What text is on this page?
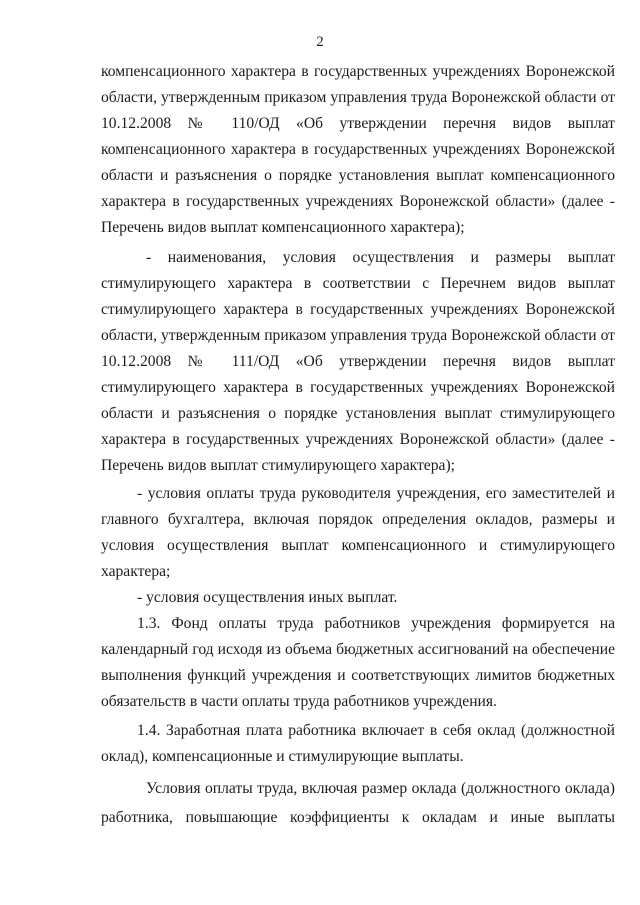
2
компенсационного характера в государственных учреждениях Воронежской
области, утвержденным приказом управления труда Воронежской области от
10.12.2008 № 110/ОД «Об утверждении перечня видов выплат
компенсационного характера в государственных учреждениях Воронежской
области и разъяснения о порядке установления выплат компенсационного
характера в государственных учреждениях Воронежской области» (далее -
Перечень видов выплат компенсационного характера);
- наименования, условия осуществления и размеры выплат
стимулирующего характера в соответствии с Перечнем видов выплат
стимулирующего характера в государственных учреждениях Воронежской
области, утвержденным приказом управления труда Воронежской области от
10.12.2008 № 111/ОД «Об утверждении перечня видов выплат
стимулирующего характера в государственных учреждениях Воронежской
области и разъяснения о порядке установления выплат стимулирующего
характера в государственных учреждениях Воронежской области» (далее -
Перечень видов выплат стимулирующего характера);
- условия оплаты труда руководителя учреждения, его заместителей и
главного бухгалтера, включая порядок определения окладов, размеры и
условия осуществления выплат компенсационного и стимулирующего
характера;
- условия осуществления иных выплат.
1.3. Фонд оплаты труда работников учреждения формируется на
календарный год исходя из объема бюджетных ассигнований на обеспечение
выполнения функций учреждения и соответствующих лимитов бюджетных
обязательств в части оплаты труда работников учреждения.
1.4. Заработная плата работника включает в себя оклад (должностной
оклад), компенсационные и стимулирующие выплаты.
Условия оплаты труда, включая размер оклада (должностного оклада)
работника, повышающие коэффициенты к окладам и иные выплаты
